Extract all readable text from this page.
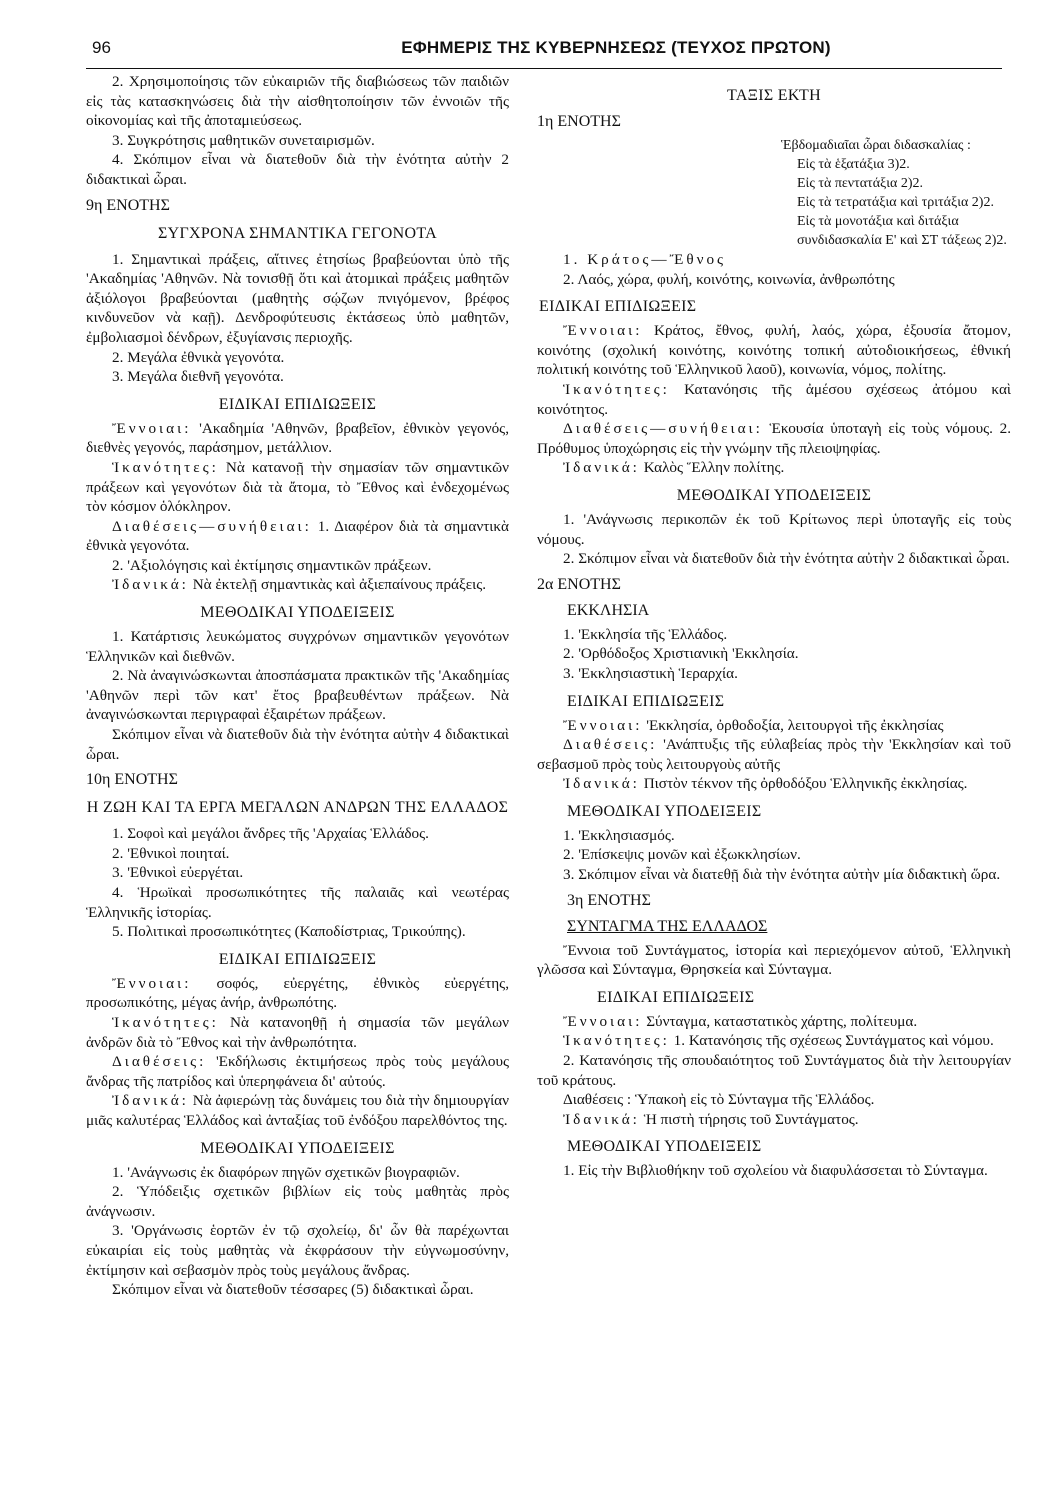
96	ΕΦΗΜΕΡΙΣ ΤΗΣ ΚΥΒΕΡΝΗΣΕΩΣ (ΤΕΥΧΟΣ ΠΡΩΤΟΝ)

2. Χρησιμοποίησις τῶν εὐκαιριῶν τῆς διαβιώσεως τῶν παιδιῶν εἰς τὰς κατασκηνώσεις διὰ τὴν αἰσθητοποίησιν τῶν ἐννοιῶν τῆς οἰκονομίας καὶ τῆς ἀποταμιεύσεως.

3. Συγκρότησις μαθητικῶν συνεταιρισμῶν.

4. Σκόπιμον εἶναι νὰ διατεθοῦν διὰ τὴν ἑνότητα αὐτὴν 2 διδακτικαὶ ὧραι.

9η ΕΝΟΤΗΣ
ΣΥΓΧΡΟΝΑ ΣΗΜΑΝΤΙΚΑ ΓΕΓΟΝΟΤΑ

1. Σημαντικαὶ πράξεις, αἵτινες ἐτησίως βραβεύονται ὑπὸ τῆς 'Ακαδημίας 'Αθηνῶν. Νὰ τονισθῇ ὅτι καὶ ἀτομικαὶ πράξεις μαθητῶν ἀξιόλογοι βραβεύονται (μαθητὴς σῴζων πνιγόμενον, βρέφος κινδυνεῦον νὰ καῇ). Δενδροφύτευσις ἐκτάσεως ὑπὸ μαθητῶν, ἐμβολιασμοὶ δένδρων, ἐξυγίανσις περιοχῆς.

2. Μεγάλα ἐθνικὰ γεγονότα.

3. Μεγάλα διεθνῆ γεγονότα.

ΕΙΔΙΚΑΙ ΕΠΙΔΙΩΞΕΙΣ

Ἔννοιαι: 'Ακαδημία 'Αθηνῶν, βραβεῖον, ἐθνικὸν γεγονός, διεθνὲς γεγονός, παράσημον, μετάλλιον.

Ἱκανότητες: Νὰ κατανοῇ τὴν σημασίαν τῶν σημαντικῶν πράξεων καὶ γεγονότων διὰ τὰ ἄτομα, τὸ Ἔθνος καὶ ἐνδεχομένως τὸν κόσμον ὁλόκληρον.

Διαθέσεις—συνήθειαι: 1. Διαφέρον διὰ τὰ σημαντικὰ ἐθνικὰ γεγονότα.

2. 'Αξιολόγησις καὶ ἐκτίμησις σημαντικῶν πράξεων.

Ἰδανικά: Νὰ ἐκτελῇ σημαντικὰς καὶ ἀξιεπαίνους πράξεις.

ΜΕΘΟΔΙΚΑΙ ΥΠΟΔΕΙΞΕΙΣ

1. Κατάρτισις λευκώματος συγχρόνων σημαντικῶν γεγονότων Ἑλληνικῶν καὶ διεθνῶν.

2. Νὰ ἀναγινώσκωνται ἀποσπάσματα πρακτικῶν τῆς 'Ακαδημίας 'Αθηνῶν περὶ τῶν κατ' ἔτος βραβευθέντων πράξεων. Νὰ ἀναγινώσκωνται περιγραφαὶ ἐξαιρέτων πράξεων.

Σκόπιμον εἶναι νὰ διατεθοῦν διὰ τὴν ἑνότητα αὐτὴν 4 διδακτικαὶ ὧραι.

10η ΕΝΟΤΗΣ
Η ΖΩΗ ΚΑΙ ΤΑ ΕΡΓΑ ΜΕΓΑΛΩΝ ΑΝΔΡΩΝ ΤΗΣ ΕΛΛΑΔΟΣ

1. Σοφοὶ καὶ μεγάλοι ἄνδρες τῆς 'Αρχαίας Ἑλλάδος.

2. 'Εθνικοὶ ποιηταί.

3. 'Εθνικοὶ εὐεργέται.

4. Ἡρωϊκαὶ προσωπικότητες τῆς παλαιᾶς καὶ νεωτέρας Ἑλληνικῆς ἱστορίας.

5. Πολιτικαὶ προσωπικότητες (Καποδίστριας, Τρικούπης).

ΕΙΔΙΚΑΙ ΕΠΙΔΙΩΞΕΙΣ

Ἔννοιαι: σοφός, εὐεργέτης, ἐθνικὸς εὐεργέτης, προσωπικότης, μέγας ἀνήρ, ἀνθρωπότης.

Ἱκανότητες: Νὰ κατανοηθῇ ἡ σημασία τῶν μεγάλων ἀνδρῶν διὰ τὸ Ἔθνος καὶ τὴν ἀνθρωπότητα.

Διαθέσεις: 'Εκδήλωσις ἐκτιμήσεως πρὸς τοὺς μεγάλους ἄνδρας τῆς πατρίδος καὶ ὑπερηφάνεια δι' αὐτούς.

Ἰδανικά: Νὰ ἀφιερώνῃ τὰς δυνάμεις του διὰ τὴν δημιουργίαν μιᾶς καλυτέρας Ἑλλάδος καὶ ἀνταξίας τοῦ ἐνδόξου παρελθόντος της.

ΜΕΘΟΔΙΚΑΙ ΥΠΟΔΕΙΞΕΙΣ

1. 'Ανάγνωσις ἐκ διαφόρων πηγῶν σχετικῶν βιογραφιῶν.

2. Ὑπόδειξις σχετικῶν βιβλίων εἰς τοὺς μαθητὰς πρὸς ἀνάγνωσιν.

3. 'Οργάνωσις ἑορτῶν ἐν τῷ σχολείῳ, δι' ὧν θὰ παρέχωνται εὐκαιρίαι εἰς τοὺς μαθητὰς νὰ ἐκφράσουν τὴν εὐγνωμοσύνην, ἐκτίμησιν καὶ σεβασμὸν πρὸς τοὺς μεγάλους ἄνδρας.

Σκόπιμον εἶναι νὰ διατεθοῦν τέσσαρες (5) διδακτικαὶ ὧραι.

ΤΑΞΙΣ ΕΚΤΗ
1η ΕΝΟΤΗΣ

Ἑβδομαδιαῖαι ὧραι διδασκαλίας :

Εἰς τὰ ἑξατάξια 3)2.

Εἰς τὰ πεντατάξια 2)2.

Εἰς τὰ τετρατάξια καὶ τριτάξια 2)2.

Εἰς τὰ μονοτάξια καὶ διτάξια συνδιδασκαλία Ε' καὶ ΣΤ τάξεως 2)2.

1. Κράτος—Ἔθνος

2. Λαός, χώρα, φυλή, κοινότης, κοινωνία, ἀνθρωπότης

ΕΙΔΙΚΑΙ ΕΠΙΔΙΩΞΕΙΣ

Ἔννοιαι: Κράτος, ἔθνος, φυλή, λαός, χώρα, ἐξουσία ἄτομον, κοινότης (σχολική κοινότης, κοινότης τοπική αὐτοδιοικήσεως, ἐθνική πολιτική κοινότης τοῦ Ἑλληνικοῦ λαοῦ), κοινωνία, νόμος, πολίτης.

Ἱκανότητες: Κατανόησις τῆς ἀμέσου σχέσεως ἀτόμου καὶ κοινότητος.

Διαθέσεις—συνήθειαι: Ἑκουσία ὑποταγὴ εἰς τοὺς νόμους. 2. Πρόθυμος ὑποχώρησις εἰς τὴν γνώμην τῆς πλειοψηφίας.

Ἰδανικά: Καλὸς Ἕλλην πολίτης.

ΜΕΘΟΔΙΚΑΙ ΥΠΟΔΕΙΞΕΙΣ

1. 'Ανάγνωσις περικοπῶν ἐκ τοῦ Κρίτωνος περὶ ὑποταγῆς εἰς τοὺς νόμους.

2. Σκόπιμον εἶναι νὰ διατεθοῦν διὰ τὴν ἑνότητα αὐτὴν 2 διδακτικαὶ ὧραι.

2α ΕΝΟΤΗΣ
ΕΚΚΛΗΣΙΑ

1. 'Εκκλησία τῆς Ἑλλάδος.

2. 'Ορθόδοξος Χριστιανικὴ 'Εκκλησία.

3. 'Εκκλησιαστικὴ Ἱεραρχία.

ΕΙΔΙΚΑΙ ΕΠΙΔΙΩΞΕΙΣ

Ἔννοιαι: 'Εκκλησία, ὀρθοδοξία, λειτουργοὶ τῆς ἐκκλησίας

Διαθέσεις: 'Ανάπτυξις τῆς εὐλαβείας πρὸς τὴν 'Εκκλησίαν καὶ τοῦ σεβασμοῦ πρὸς τοὺς λειτουργοὺς αὐτῆς

Ἰδανικά: Πιστὸν τέκνον τῆς ὀρθοδόξου Ἑλληνικῆς ἐκκλησίας.

ΜΕΘΟΔΙΚΑΙ ΥΠΟΔΕΙΞΕΙΣ

1. 'Εκκλησιασμός.

2. 'Επίσκεψις μονῶν καὶ ἐξωκκλησίων.

3. Σκόπιμον εἶναι νὰ διατεθῇ διὰ τὴν ἑνότητα αὐτὴν μία διδακτικὴ ὥρα.

3η ΕΝΟΤΗΣ
ΣΥΝΤΑΓΜΑ ΤΗΣ ΕΛΛΑΔΟΣ

Ἔννοια τοῦ Συντάγματος, ἱστορία καὶ περιεχόμενον αὐτοῦ, Ἑλληνικὴ γλῶσσα καὶ Σύνταγμα, Θρησκεία καὶ Σύνταγμα.

ΕΙΔΙΚΑΙ ΕΠΙΔΙΩΞΕΙΣ

Ἔννοιαι: Σύνταγμα, καταστατικὸς χάρτης, πολίτευμα.

Ἱκανότητες: 1. Κατανόησις τῆς σχέσεως Συντάγματος καὶ νόμου.

2. Κατανόησις τῆς σπουδαιότητος τοῦ Συντάγματος διὰ τὴν λειτουργίαν τοῦ κράτους.

Διαθέσεις : Ὑπακοὴ εἰς τὸ Σύνταγμα τῆς Ἑλλάδος.

Ἰδανικά: Ἡ πιστὴ τήρησις τοῦ Συντάγματος.

ΜΕΘΟΔΙΚΑΙ ΥΠΟΔΕΙΞΕΙΣ

1. Εἰς τὴν Βιβλιοθήκην τοῦ σχολείου νὰ διαφυλάσσεται τὸ Σύνταγμα.
